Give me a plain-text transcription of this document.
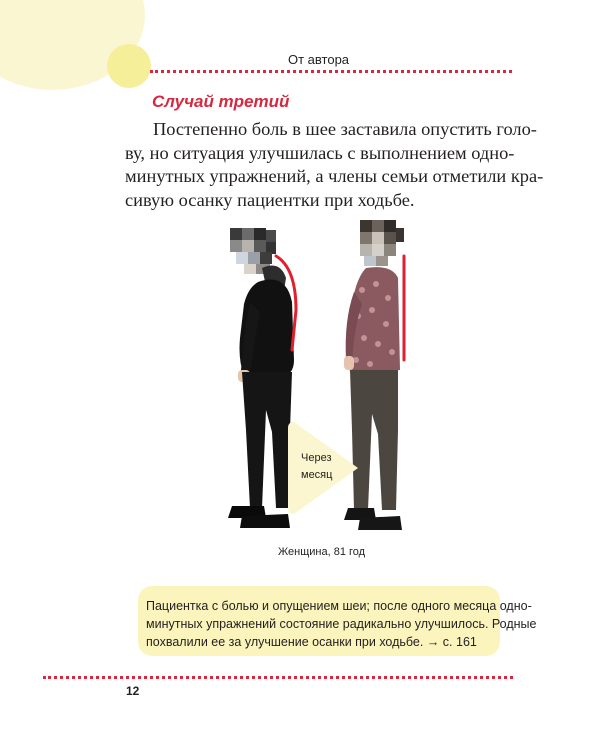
От автора
Случай третий
Постепенно боль в шее заставила опустить голо-
ву, но ситуация улучшилась с выполнением одно-
минутных упражнений, а члены семьи отметили кра-
сивую осанку пациентки при ходьбе.
Через
месяц
Женщина, 81 год
Пациентка с болью и опущением шеи; после одного месяца одно-
минутных упражнений состояние радикально улучшилось. Родные
похвалили ее за улучшение осанки при ходьбе. → с. 161
12
